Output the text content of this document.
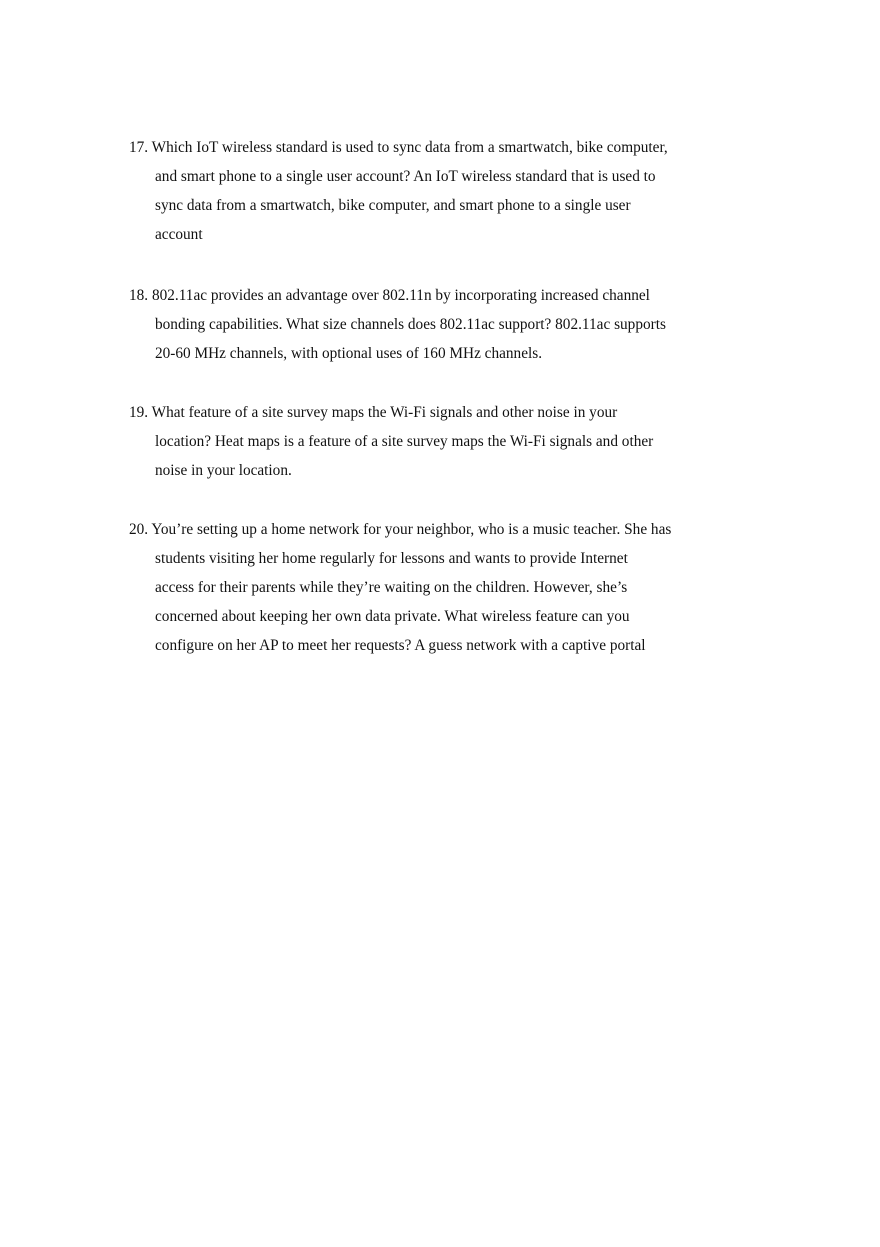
17. Which IoT wireless standard is used to sync data from a smartwatch, bike computer,
and smart phone to a single user account? An IoT wireless standard that is used to
sync data from a smartwatch, bike computer, and smart phone to a single user
account
18. 802.11ac provides an advantage over 802.11n by incorporating increased channel
bonding capabilities. What size channels does 802.11ac support? 802.11ac supports
20-60 MHz channels, with optional uses of 160 MHz channels.
19. What feature of a site survey maps the Wi-Fi signals and other noise in your
location? Heat maps is a feature of a site survey maps the Wi-Fi signals and other
noise in your location.
20. You’re setting up a home network for your neighbor, who is a music teacher. She has
students visiting her home regularly for lessons and wants to provide Internet
access for their parents while they’re waiting on the children. However, she’s
concerned about keeping her own data private. What wireless feature can you
configure on her AP to meet her requests? A guess network with a captive portal
